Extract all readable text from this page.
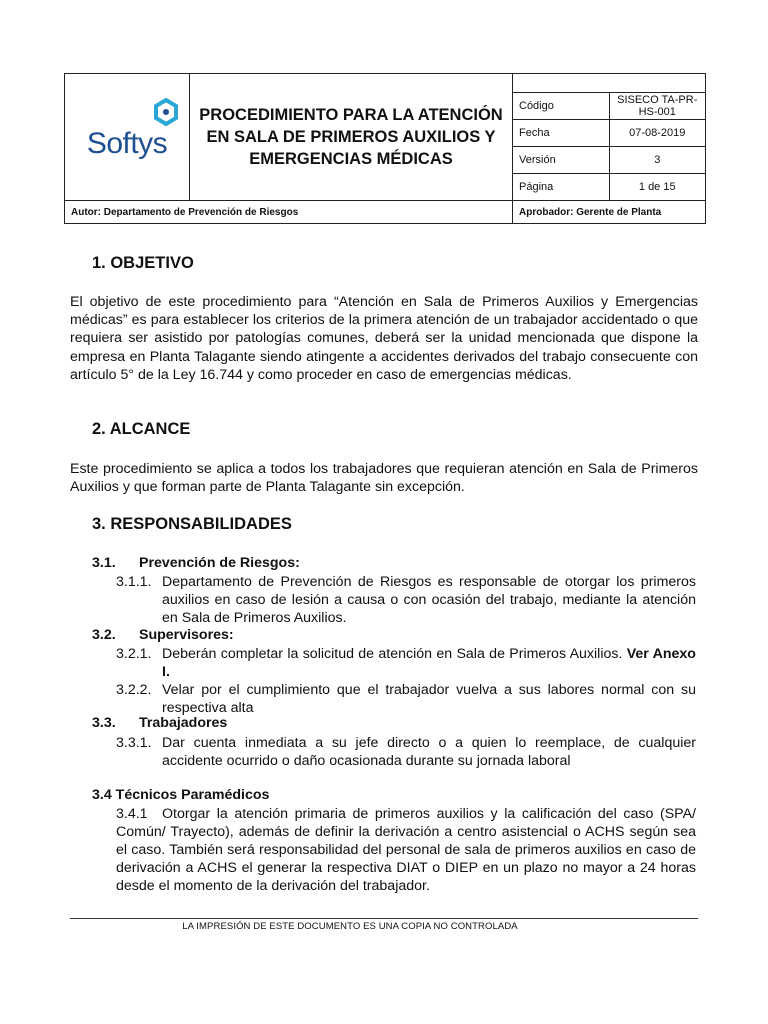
Softys	PROCEDIMIENTO PARA LA ATENCIÓN EN SALA DE PRIMEROS AUXILIOS Y EMERGENCIAS MÉDICAS		
		Código	SISECO TA-PR-HS-001
		Fecha	07-08-2019
		Versión	3
		Página	1 de 15
Autor: Departamento de Prevención de Riesgos		Aprobador: Gerente de Planta	
1. OBJETIVO

El objetivo de este procedimiento para “Atención en Sala de Primeros Auxilios y Emergencias médicas” es para establecer los criterios de la primera atención de un trabajador accidentado o que requiera ser asistido por patologías comunes, deberá ser la unidad mencionada que dispone la empresa en Planta Talagante siendo atingente a accidentes derivados del trabajo consecuente con artículo 5° de la Ley 16.744 y como proceder en caso de emergencias médicas.

2. ALCANCE

Este procedimiento se aplica a todos los trabajadores que requieran atención en Sala de Primeros Auxilios y que forman parte de Planta Talagante sin excepción.

3. RESPONSABILIDADES
3.1. Prevención de Riesgos:
3.1.1. Departamento de Prevención de Riesgos es responsable de otorgar los primeros auxilios en caso de lesión a causa o con ocasión del trabajo, mediante la atención en Sala de Primeros Auxilios.
3.2. Supervisores:
3.2.1. Deberán completar la solicitud de atención en Sala de Primeros Auxilios. Ver Anexo I.
3.2.2. Velar por el cumplimiento que el trabajador vuelva a sus labores normal con su respectiva alta
3.3. Trabajadores
3.3.1. Dar cuenta inmediata a su jefe directo o a quien lo reemplace, de cualquier accidente ocurrido o daño ocasionada durante su jornada laboral
3.4 Técnicos Paramédicos
3.4.1	Otorgar la atención primaria de primeros auxilios y la calificación del caso (SPA/ Común/ Trayecto), además de definir la derivación a centro asistencial o ACHS según sea el caso. También será responsabilidad del personal de sala de primeros auxilios en caso de derivación a ACHS el generar la respectiva DIAT o DIEP en un plazo no mayor a 24 horas desde el momento de la derivación del trabajador.
LA IMPRESIÓN DE ESTE DOCUMENTO ES UNA COPIA NO CONTROLADA
